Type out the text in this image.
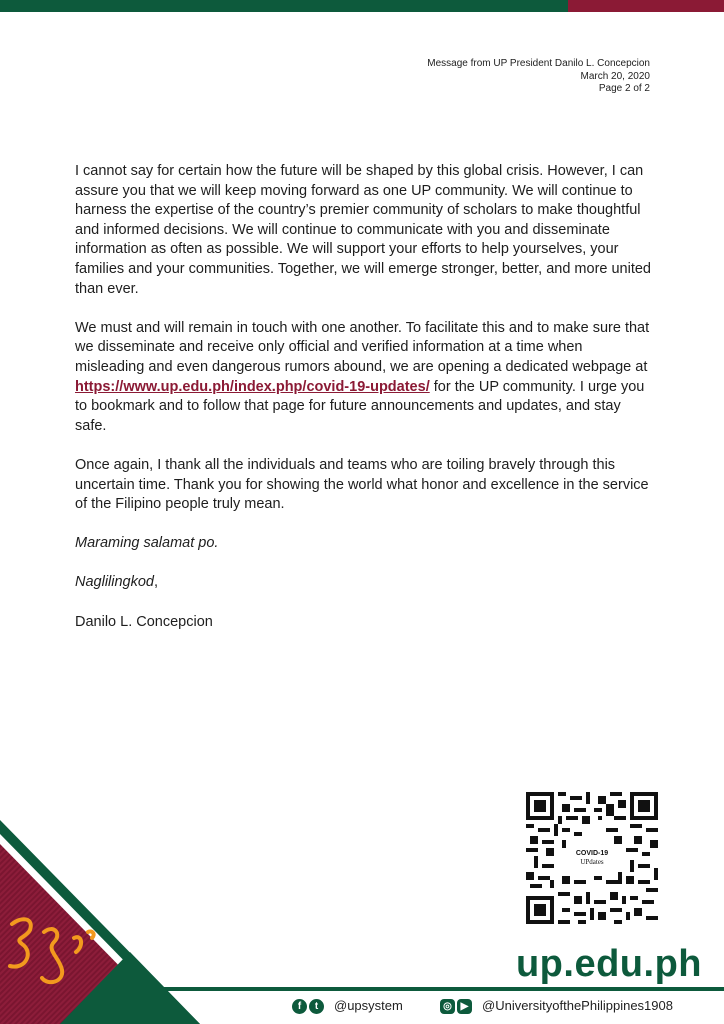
Message from UP President Danilo L. Concepcion
March 20, 2020
Page 2 of 2

I cannot say for certain how the future will be shaped by this global crisis. However, I can assure you that we will keep moving forward as one UP community. We will continue to harness the expertise of the country’s premier community of scholars to make thoughtful and informed decisions. We will continue to communicate with you and disseminate information as often as possible. We will support your efforts to help yourselves, your families and your communities. Together, we will emerge stronger, better, and more united than ever.

We must and will remain in touch with one another. To facilitate this and to make sure that we disseminate and receive only official and verified information at a time when misleading and even dangerous rumors abound, we are opening a dedicated webpage at https://www.up.edu.ph/index.php/covid-19-updates/ for the UP community. I urge you to bookmark and to follow that page for future announcements and updates, and stay safe.

Once again, I thank all the individuals and teams who are toiling bravely through this uncertain time. Thank you for showing the world what honor and excellence in the service of the Filipino people truly mean.

Maraming salamat po.

Naglilingkod,

Danilo L. Concepcion

COVID-19
UPdates
up.edu.ph
f	t	@upsystem	◎ ▶ @UniversityofthePhilippines1908
